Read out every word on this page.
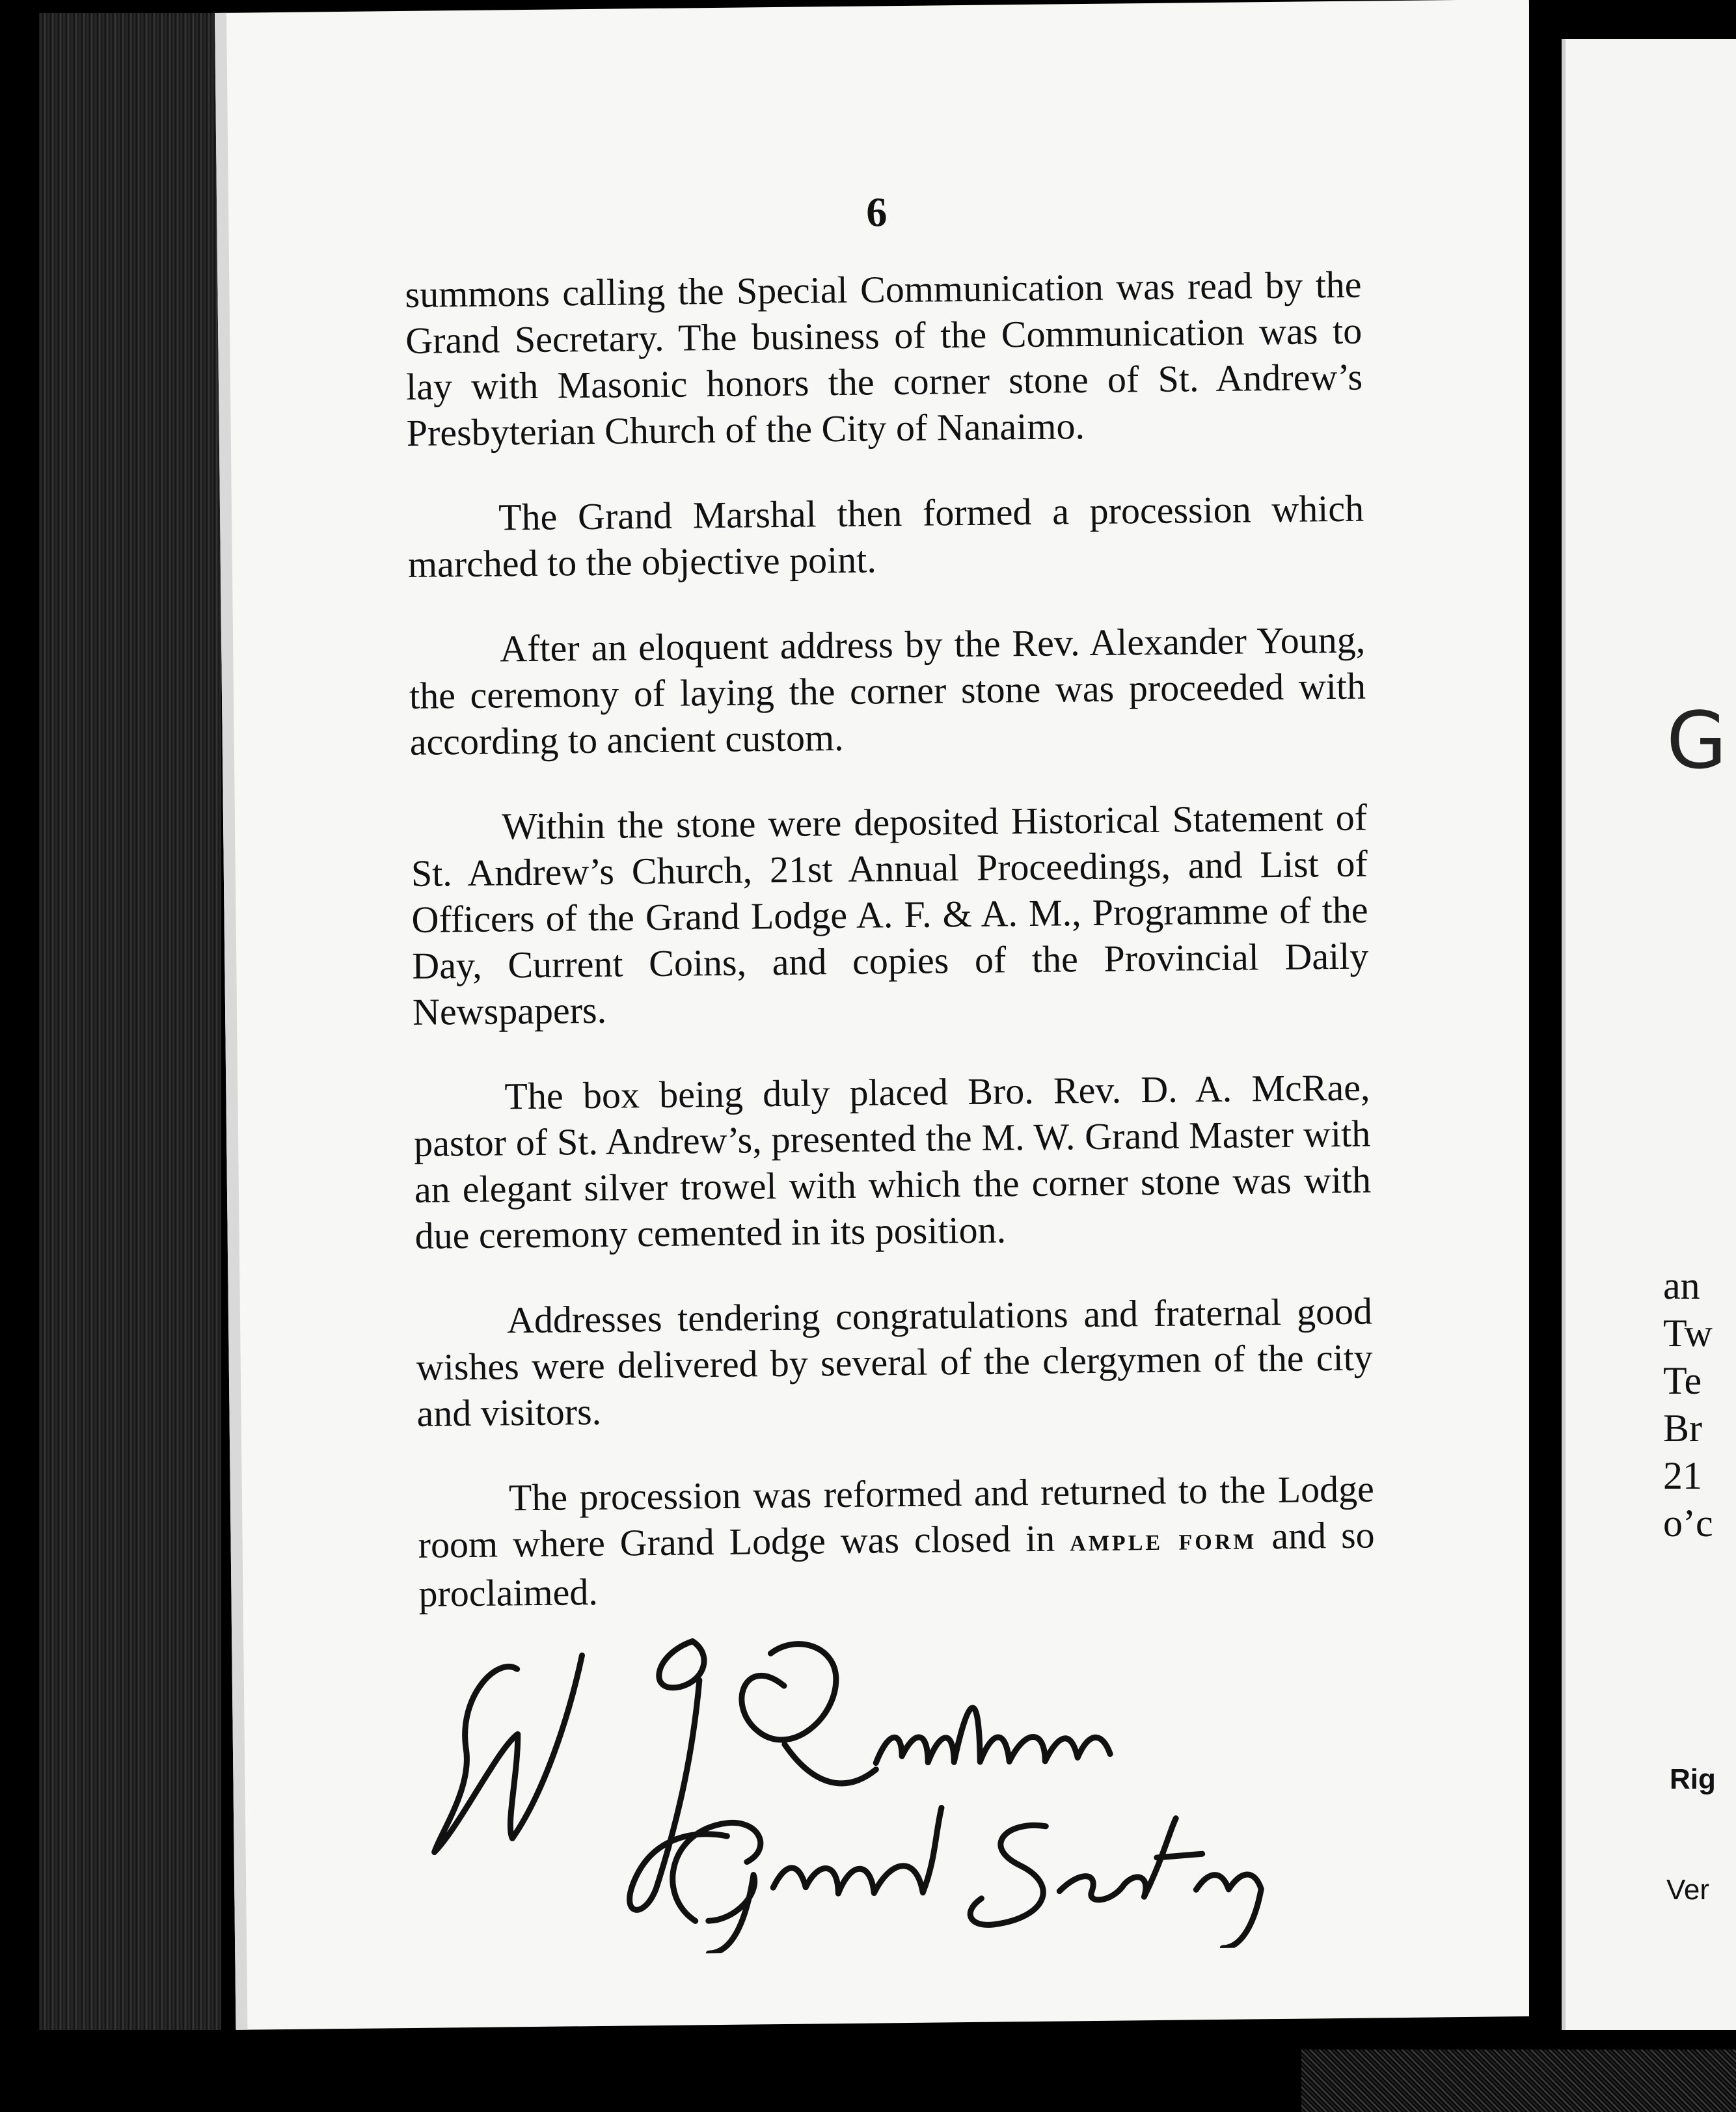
6

summons calling the Special Communication was read by the Grand Secretary. The business of the Communication was to lay with Masonic honors the corner stone of St. Andrew’s Presbyterian Church of the City of Nanaimo.

The Grand Marshal then formed a procession which marched to the objective point.

After an eloquent address by the Rev. Alexander Young, the ceremony of laying the corner stone was proceeded with according to ancient custom.

Within the stone were deposited Historical Statement of St. Andrew’s Church, 21st Annual Proceedings, and List of Officers of the Grand Lodge A. F. & A. M., Programme of the Day, Current Coins, and copies of the Provincial Daily Newspapers.

The box being duly placed Bro. Rev. D. A. McRae, pastor of St. Andrew’s, presented the M. W. Grand Master with an elegant silver trowel with which the corner stone was with due ceremony cemented in its position.

Addresses tendering congratulations and fraternal good wishes were delivered by several of the clergymen of the city and visitors.

The procession was reformed and returned to the Lodge room where Grand Lodge was closed in ample form and so proclaimed.

G
an
Tw
Te
Br
21
o’c
Rig
Ver
